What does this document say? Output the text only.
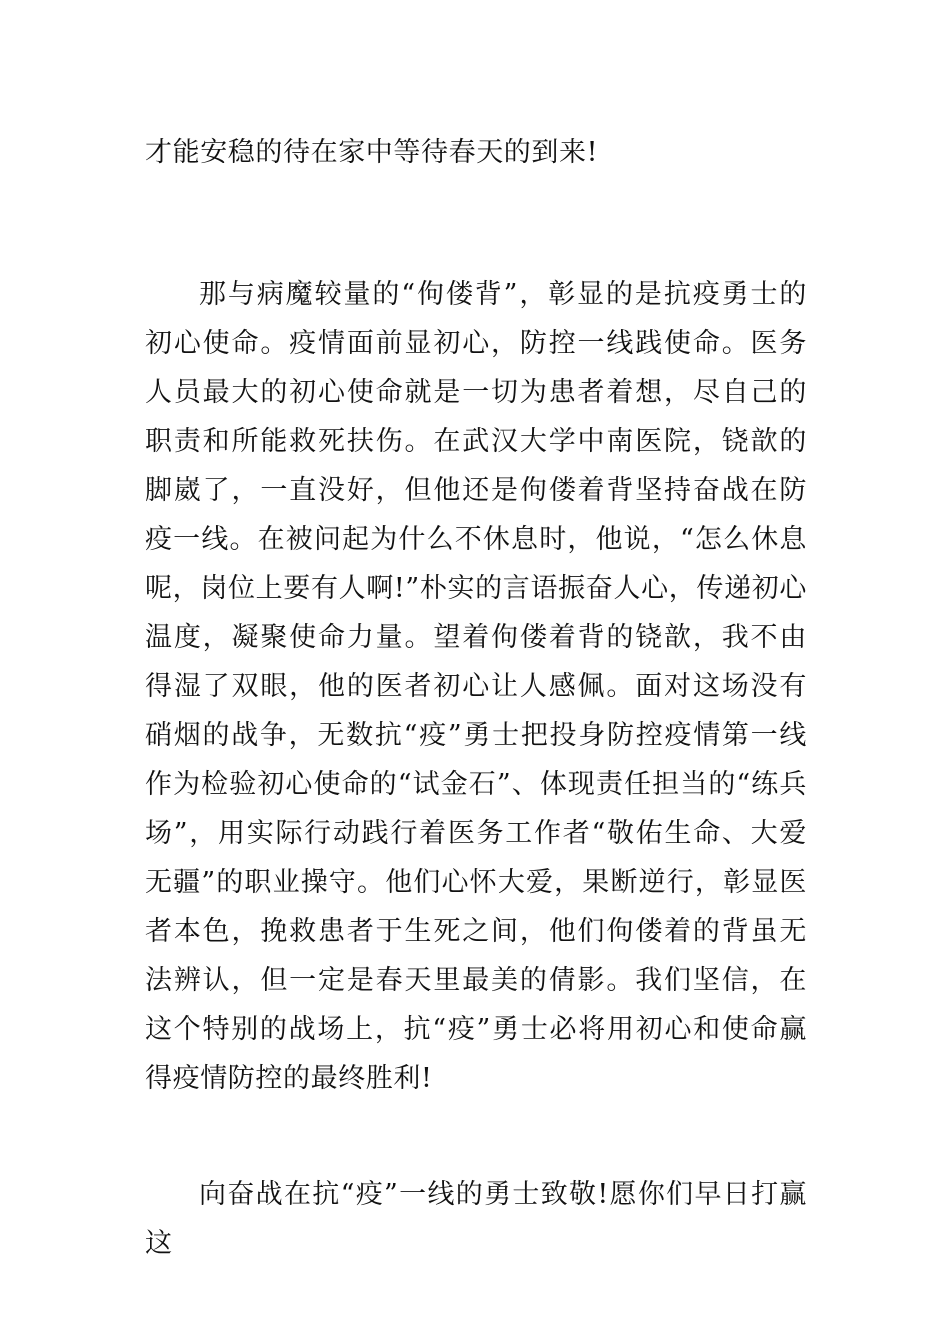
才能安稳的待在家中等待春天的到来!

那与病魔较量的“佝偻背”，彰显的是抗疫勇士的初心使命。疫情面前显初心，防控一线践使命。医务人员最大的初心使命就是一切为患者着想，尽自己的职责和所能救死扶伤。在武汉大学中南医院，铙歆的脚崴了，一直没好，但他还是佝偻着背坚持奋战在防疫一线。在被问起为什么不休息时，他说，“怎么休息呢，岗位上要有人啊!”朴实的言语振奋人心，传递初心温度，凝聚使命力量。望着佝偻着背的铙歆，我不由得湿了双眼，他的医者初心让人感佩。面对这场没有硝烟的战争，无数抗“疫”勇士把投身防控疫情第一线作为检验初心使命的“试金石”、体现责任担当的“练兵场”，用实际行动践行着医务工作者“敬佑生命、大爱无疆”的职业操守。他们心怀大爱，果断逆行，彰显医者本色，挽救患者于生死之间，他们佝偻着的背虽无法辨认，但一定是春天里最美的倩影。我们坚信，在这个特别的战场上，抗“疫”勇士必将用初心和使命赢得疫情防控的最终胜利!

向奋战在抗“疫”一线的勇士致敬!愿你们早日打赢这
